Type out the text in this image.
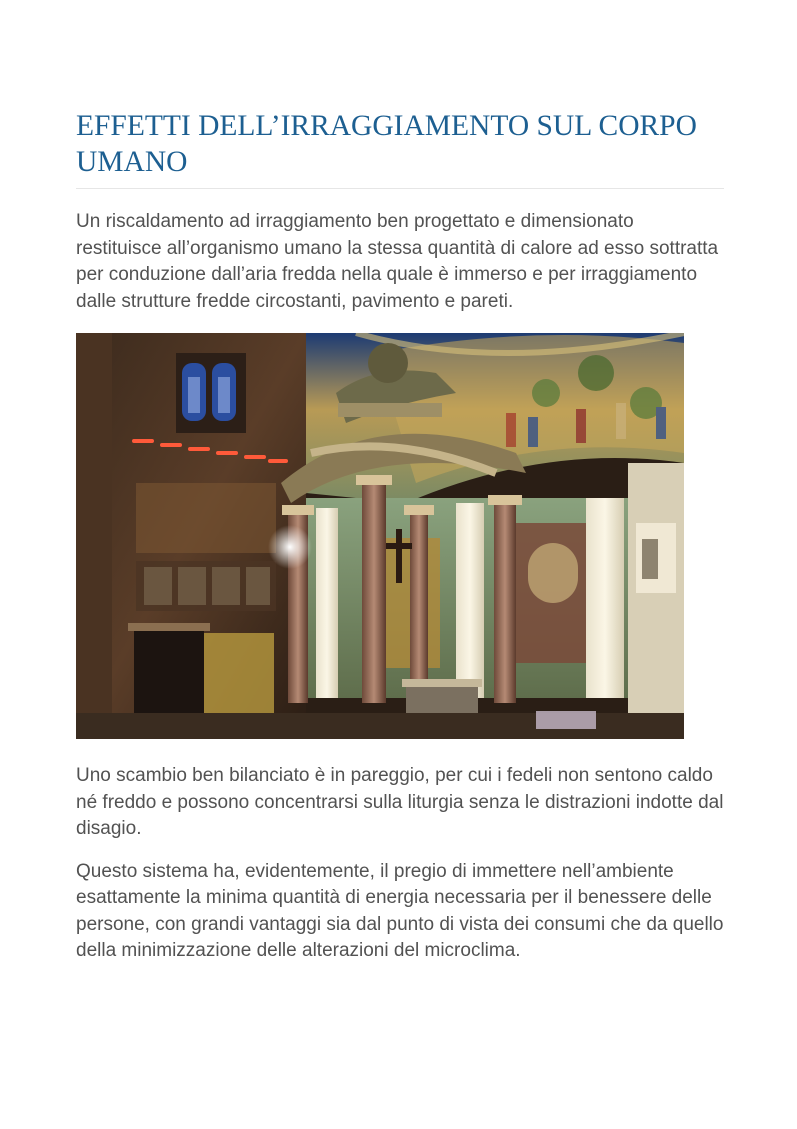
EFFETTI DELL’IRRAGGIAMENTO SUL CORPO UMANO

Un riscaldamento ad irraggiamento ben progettato e dimensionato restituisce all’organismo umano la stessa quantità di calore ad esso sottratta per conduzione dall’aria fredda nella quale è immerso e per irraggiamento dalle strutture fredde circostanti, pavimento e pareti.

Uno scambio ben bilanciato è in pareggio, per cui i fedeli non sentono caldo né freddo e possono concentrarsi sulla liturgia senza le distrazioni indotte dal disagio.

Questo sistema ha, evidentemente, il pregio di immettere nell’ambiente esattamente la minima quantità di energia necessaria per il benessere delle persone, con grandi vantaggi sia dal punto di vista dei consumi che da quello della minimizzazione delle alterazioni del microclima.
